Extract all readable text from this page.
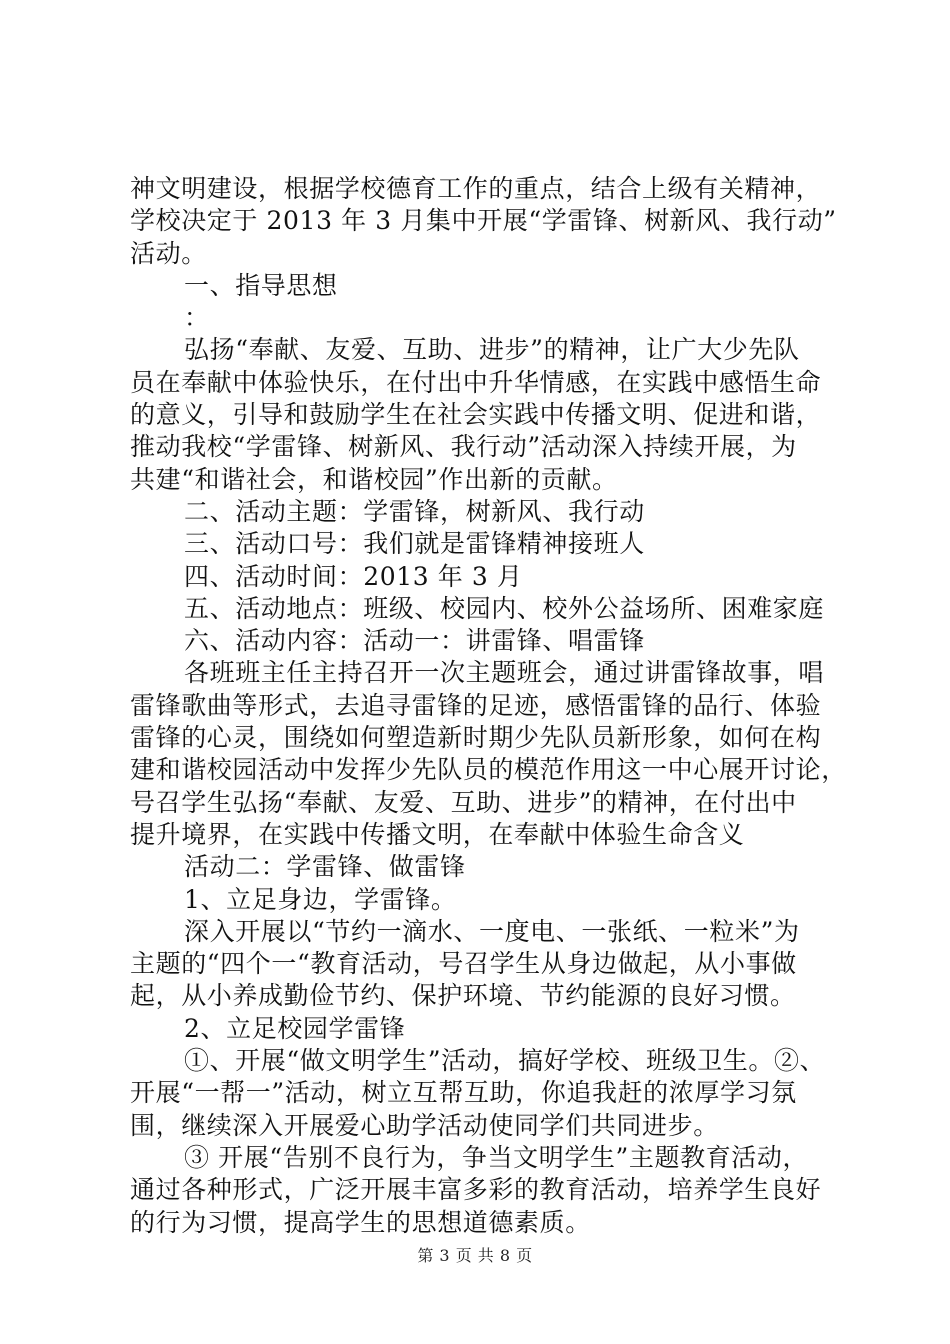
神文明建设，根据学校德育工作的重点，结合上级有关精神，
学校决定于 2013 年 3 月集中开展“学雷锋、树新风、我行动”
活动。
一、指导思想
：
弘扬“奉献、友爱、互助、进步”的精神，让广大少先队
员在奉献中体验快乐，在付出中升华情感，在实践中感悟生命
的意义，引导和鼓励学生在社会实践中传播文明、促进和谐，
推动我校“学雷锋、树新风、我行动”活动深入持续开展，为
共建“和谐社会，和谐校园”作出新的贡献。
二、活动主题：学雷锋，树新风、我行动
三、活动口号：我们就是雷锋精神接班人
四、活动时间：2013 年 3 月
五、活动地点：班级、校园内、校外公益场所、困难家庭
六、活动内容：活动一：讲雷锋、唱雷锋
各班班主任主持召开一次主题班会，通过讲雷锋故事，唱
雷锋歌曲等形式，去追寻雷锋的足迹，感悟雷锋的品行、体验
雷锋的心灵，围绕如何塑造新时期少先队员新形象，如何在构
建和谐校园活动中发挥少先队员的模范作用这一中心展开讨论，
号召学生弘扬“奉献、友爱、互助、进步”的精神，在付出中
提升境界，在实践中传播文明，在奉献中体验生命含义
活动二：学雷锋、做雷锋
1、立足身边，学雷锋。
深入开展以“节约一滴水、一度电、一张纸、一粒米”为
主题的“四个一“教育活动，号召学生从身边做起，从小事做
起，从小养成勤俭节约、保护环境、节约能源的良好习惯。
2、立足校园学雷锋
①、开展“做文明学生”活动，搞好学校、班级卫生。②、
开展“一帮一”活动，树立互帮互助，你追我赶的浓厚学习氛
围，继续深入开展爱心助学活动使同学们共同进步。
③ 开展“告别不良行为，争当文明学生”主题教育活动，
通过各种形式，广泛开展丰富多彩的教育活动，培养学生良好
的行为习惯，提高学生的思想道德素质。
第 3 页 共 8 页
